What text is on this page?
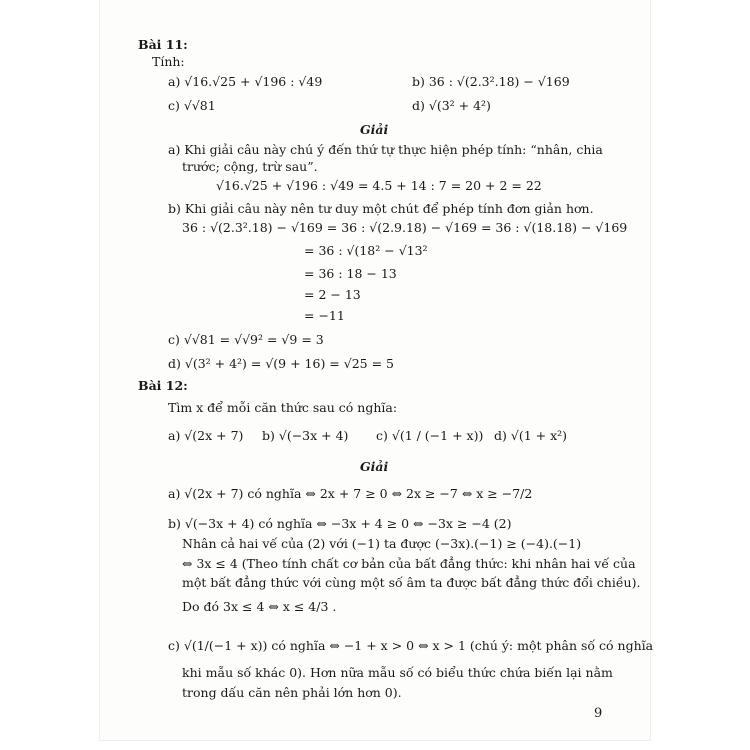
Bài 11:
Tính:
a) √16.√25 + √196 : √49	b) 36 : √(2.3².18) − √169
c) √√81	d) √(3² + 4²)
Giải
a) Khi giải câu này chú ý đến thứ tự thực hiện phép tính: “nhân, chia
trước; cộng, trừ sau”.
√16.√25 + √196 : √49 = 4.5 + 14 : 7 = 20 + 2 = 22
b) Khi giải câu này nên tư duy một chút để phép tính đơn giản hơn.
36 : √(2.3².18) − √169 = 36 : √(2.9.18) − √169 = 36 : √(18.18) − √169
= 36 : √(18² − √13²
= 36 : 18 − 13
= 2 − 13
= −11
c) √√81 = √√9² = √9 = 3
d) √(3² + 4²) = √(9 + 16) = √25 = 5
Bài 12:
Tìm x để mỗi căn thức sau có nghĩa:
a) √(2x + 7) b) √(−3x + 4) c) √(1 / (−1 + x)) d) √(1 + x²)
Giải
a) √(2x + 7) có nghĩa ⇔ 2x + 7 ≥ 0 ⇔ 2x ≥ −7 ⇔ x ≥ −7/2
b) √(−3x + 4) có nghĩa ⇔ −3x + 4 ≥ 0 ⇔ −3x ≥ −4 (2)
Nhân cả hai vế của (2) với (−1) ta được (−3x).(−1) ≥ (−4).(−1)
⇔ 3x ≤ 4 (Theo tính chất cơ bản của bất đẳng thức: khi nhân hai vế của
một bất đẳng thức với cùng một số âm ta được bất đẳng thức đổi chiều).
Do đó 3x ≤ 4 ⇔ x ≤ 4/3 .
c) √(1/(−1 + x)) có nghĩa ⇔ −1 + x > 0 ⇔ x > 1 (chú ý: một phân số có nghĩa
khi mẫu số khác 0). Hơn nữa mẫu số có biểu thức chứa biến lại nằm
trong dấu căn nên phải lớn hơn 0).
9
